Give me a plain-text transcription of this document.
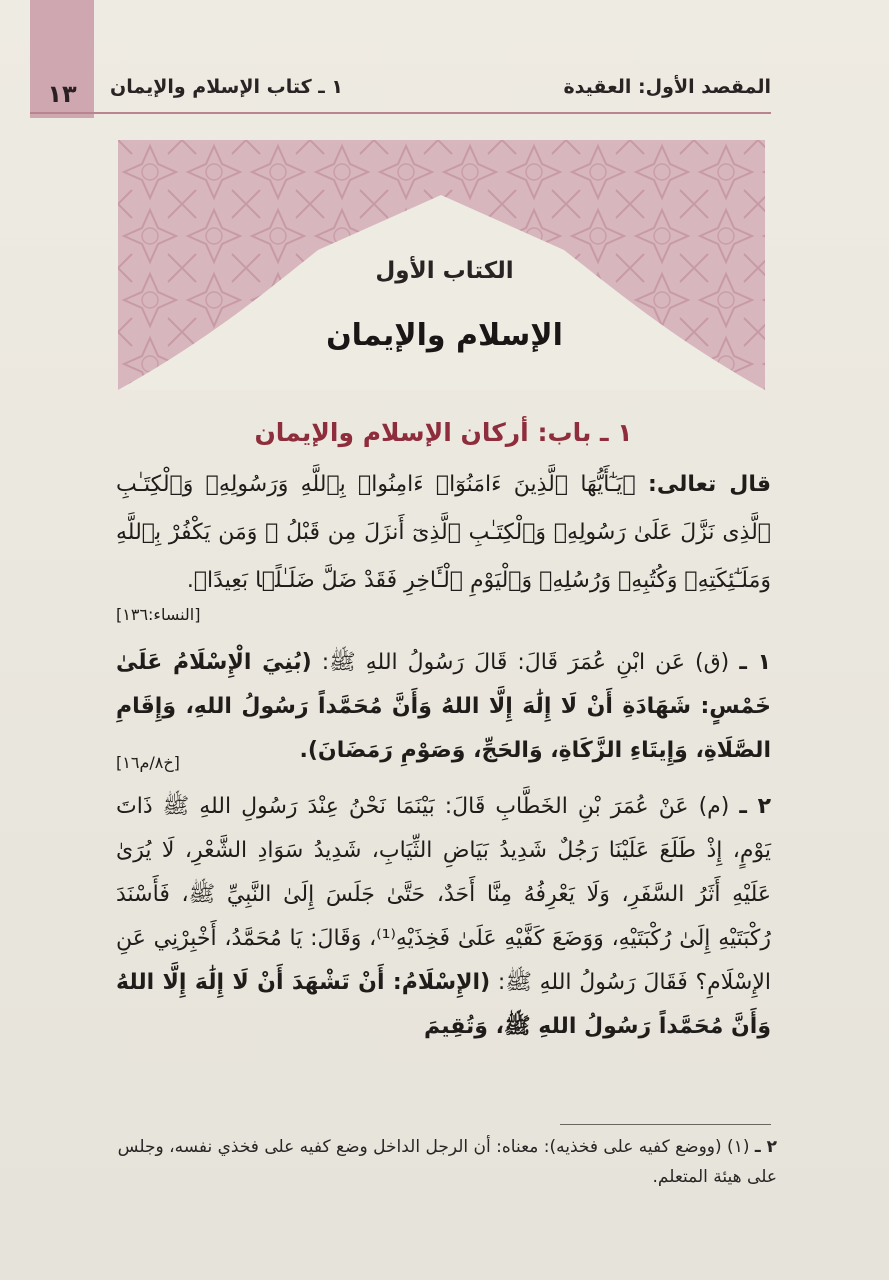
١٣	المقصد الأول: العقيدة
١ ـ كتاب الإسلام والإيمان
الكتاب الأول
الإسلام والإيمان
١ ـ باب: أركان الإسلام والإيمان

قال تعالى: ﴿يَـٰٓأَيُّهَا ٱلَّذِينَ ءَامَنُوٓا۟ ءَامِنُوا۟ بِٱللَّهِ وَرَسُولِهِۦ وَٱلْكِتَـٰبِ ٱلَّذِى نَزَّلَ عَلَىٰ رَسُولِهِۦ وَٱلْكِتَـٰبِ ٱلَّذِىٓ أَنزَلَ مِن قَبْلُ ۚ وَمَن يَكْفُرْ بِٱللَّهِ وَمَلَـٰٓئِكَتِهِۦ وَكُتُبِهِۦ وَرُسُلِهِۦ وَٱلْيَوْمِ ٱلْـَٔاخِرِ فَقَدْ ضَلَّ ضَلَـٰلًۢا بَعِيدًا﴾.

[النساء:١٣٦]

١ ـ (ق) عَن ابْنِ عُمَرَ قَالَ: قَالَ رَسُولُ اللهِ ﷺ: (بُنِيَ الْإِسْلَامُ عَلَىٰ خَمْسٍ: شَهَادَةِ أَنْ لَا إِلَٰهَ إِلَّا اللهُ وَأَنَّ مُحَمَّداً رَسُولُ اللهِ، وَإِقَامِ الصَّلَاةِ، وَإِيتَاءِ الزَّكَاةِ، وَالحَجِّ، وَصَوْمِ رَمَضَانَ).
[خ٨/م١٦]

٢ ـ (م) عَنْ عُمَرَ بْنِ الخَطَّابِ قَالَ: بَيْنَمَا نَحْنُ عِنْدَ رَسُولِ اللهِ ﷺ ذَاتَ يَوْمٍ، إِذْ طَلَعَ عَلَيْنَا رَجُلٌ شَدِيدُ بَيَاضِ الثِّيَابِ، شَدِيدُ سَوَادِ الشَّعْرِ، لَا يُرَىٰ عَلَيْهِ أَثَرُ السَّفَرِ، وَلَا يَعْرِفُهُ مِنَّا أَحَدٌ، حَتَّىٰ جَلَسَ إِلَىٰ النَّبِيِّ ﷺ، فَأَسْنَدَ رُكْبَتَيْهِ إِلَىٰ رُكْبَتَيْهِ، وَوَضَعَ كَفَّيْهِ عَلَىٰ فَخِذَيْهِ⁽¹⁾، وَقَالَ: يَا مُحَمَّدُ، أَخْبِرْنِي عَنِ الإِسْلَامِ؟ فَقَالَ رَسُولُ اللهِ ﷺ: (الإِسْلَامُ: أَنْ تَشْهَدَ أَنْ لَا إِلَٰهَ إِلَّا اللهُ وَأَنَّ مُحَمَّداً رَسُولُ اللهِ ﷺ، وَتُقِيمَ

٢ ـ (١) (ووضع كفيه على فخذيه): معناه: أن الرجل الداخل وضع كفيه على فخذي نفسه، وجلس على هيئة المتعلم.
